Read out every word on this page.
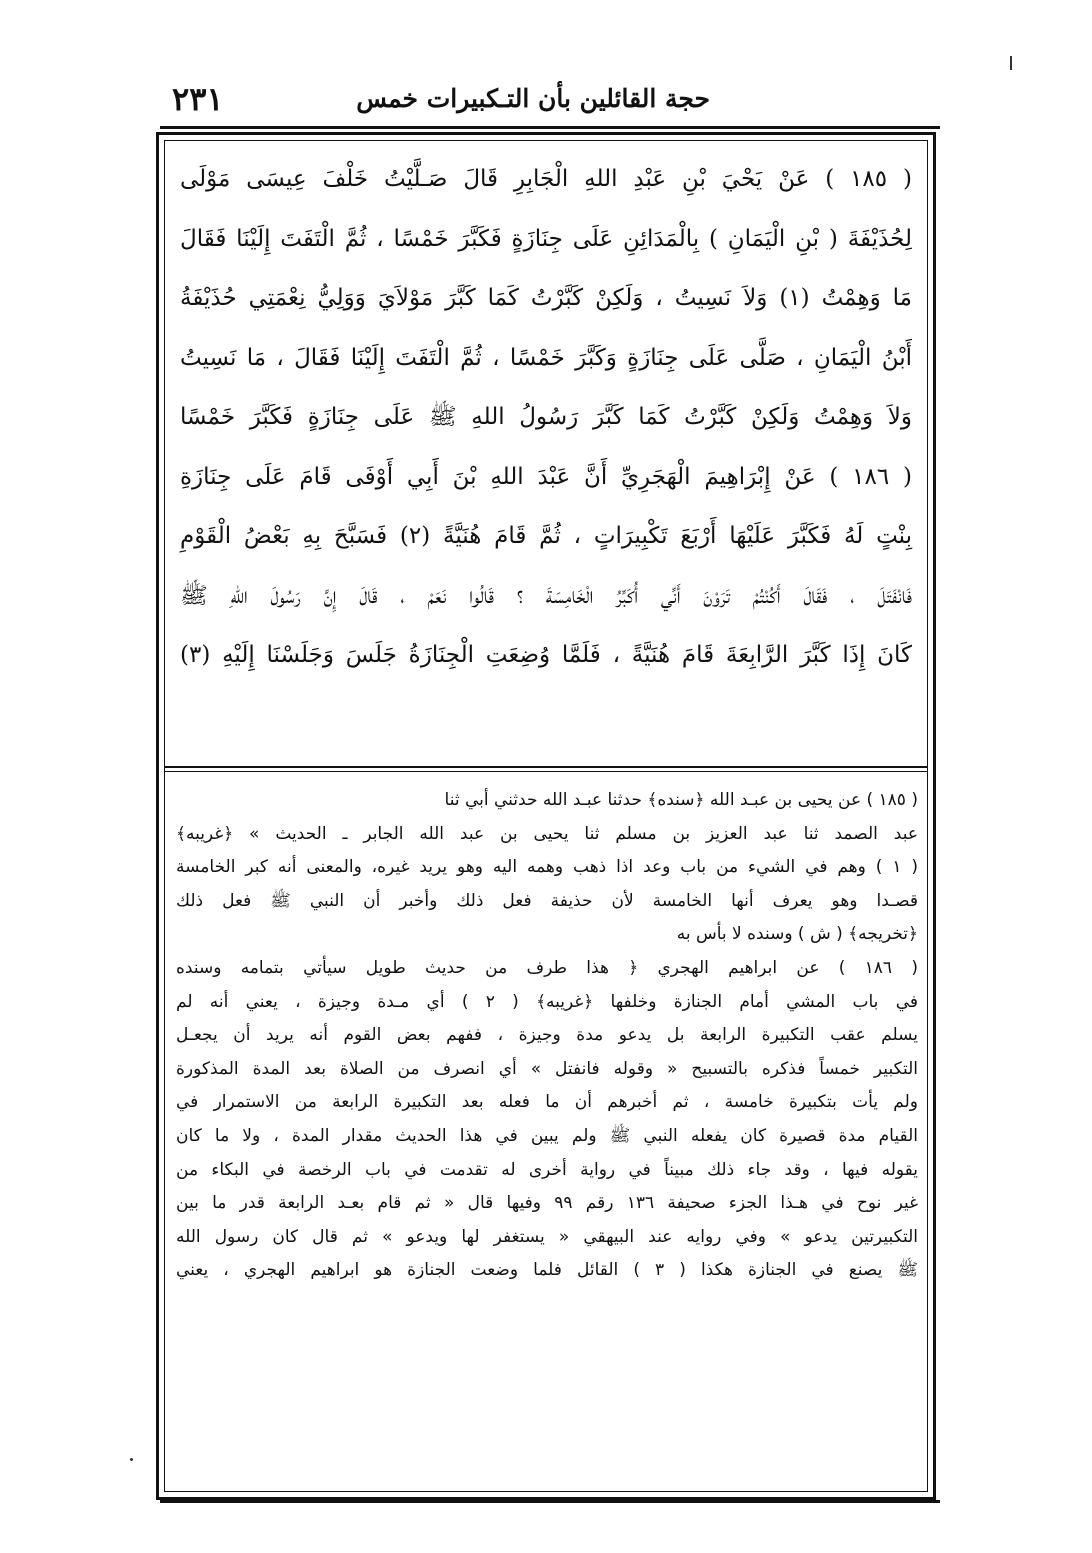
حجة القائلين بأن التـكبيرات خمس
٢٣١

( ١٨٥ ) عَنْ يَحْيَ بْنِ عَبْدِ اللهِ الْجَابِرِ قَالَ صَـلَّيْتُ خَلْفَ عِيسَى مَوْلَى

لِحُذَيْفَةَ ( بْنِ الْيَمَانِ ) بِالْمَدَائِنِ عَلَى جِنَازَةٍ فَكَبَّرَ خَمْسًا ، ثُمَّ الْتَفَتَ إِلَيْنَا فَقَالَ

مَا وَهِمْتُ (١) وَلاَ نَسِيتُ ، وَلَكِنْ كَبَّرْتُ كَمَا كَبَّرَ مَوْلاَيَ وَوَلِيُّ نِعْمَتِي حُذَيْفَةُ

أَبْنُ الْيَمَانِ ، صَلَّى عَلَى جِنَازَةٍ وَكَبَّرَ خَمْسًا ، ثُمَّ الْتَفَتَ إِلَيْنَا فَقَالَ ، مَا نَسِيتُ

وَلاَ وَهِمْتُ وَلَكِنْ كَبَّرْتُ كَمَا كَبَّرَ رَسُولُ اللهِ ﷺ عَلَى جِنَازَةٍ فَكَبَّرَ خَمْسًا

( ١٨٦ ) عَنْ إِبْرَاهِيمَ الْهَجَرِيِّ أَنَّ عَبْدَ اللهِ بْنَ أَبِي أَوْفَى قَامَ عَلَى جِنَازَةِ

بِنْتٍ لَهُ فَكَبَّرَ عَلَيْهَا أَرْبَعَ تَكْبِيرَاتٍ ، ثُمَّ قَامَ هُنَيَّةً (٢) فَسَبَّحَ بِهِ بَعْضُ الْقَوْمِ

فَانْفَتَلَ ، فَقَالَ أَكُنْتُمْ تَرَوْنَ أَنِّي أُكَبِّرُ الْخَامِسَةَ ؟ قَالُوا نَعَمْ ، قَالَ إِنَّ رَسُولَ اللهِ ﷺ

كَانَ إِذَا كَبَّرَ الرَّابِعَةَ قَامَ هُنَيَّةً ، فَلَمَّا وُضِعَتِ الْجِنَازَةُ جَلَسَ وَجَلَسْنَا إِلَيْهِ (٣)

( ١٨٥ ) عن يحيى بن عبـد الله ﴿سنده﴾ حدثنا عبـد الله حدثني أبي ثنا

عبد الصمد ثنا عبد العزيز بن مسلم ثنا يحيى بن عبد الله الجابر ـ الحديث » ﴿غريبه﴾

( ١ ) وهم في الشيء من باب وعد اذا ذهب وهمه اليه وهو يريد غيره، والمعنى أنه كبر الخامسة

قصـدا وهو يعرف أنها الخامسة لأن حذيفة فعل ذلك وأخبر أن النبي ﷺ فعل ذلك

﴿تخريجه﴾ ( ش ) وسنده لا بأس به

( ١٨٦ ) عن ابراهيم الهجري ﴿ هذا طرف من حديث طويل سيأتي بتمامه وسنده

في باب المشي أمام الجنازة وخلفها ﴿غريبه﴾ ( ٢ ) أي مـدة وجيزة ، يعني أنه لم

يسلم عقب التكبيرة الرابعة بل يدعو مدة وجيزة ، ففهم بعض القوم أنه يريد أن يجعـل

التكبير خمساً فذكره بالتسبيح « وقوله فانفتل » أي انصرف من الصلاة بعد المدة المذكورة

ولم يأت بتكبيرة خامسة ، ثم أخبرهم أن ما فعله بعد التكبيرة الرابعة من الاستمرار في

القيام مدة قصيرة كان يفعله النبي ﷺ ولم يبين في هذا الحديث مقدار المدة ، ولا ما كان

يقوله فيها ، وقد جاء ذلك مبيناً في رواية أخرى له تقدمت في باب الرخصة في البكاء من

غير نوح في هـذا الجزء صحيفة ١٣٦ رقم ٩٩ وفيها قال « ثم قام بعـد الرابعة قدر ما بين

التكبيرتين يدعو » وفي روايه عند البيهقي « يستغفر لها ويدعو » ثم قال كان رسول الله

ﷺ يصنع في الجنازة هكذا ( ٣ ) القائل فلما وضعت الجنازة هو ابراهيم الهجري ، يعني
